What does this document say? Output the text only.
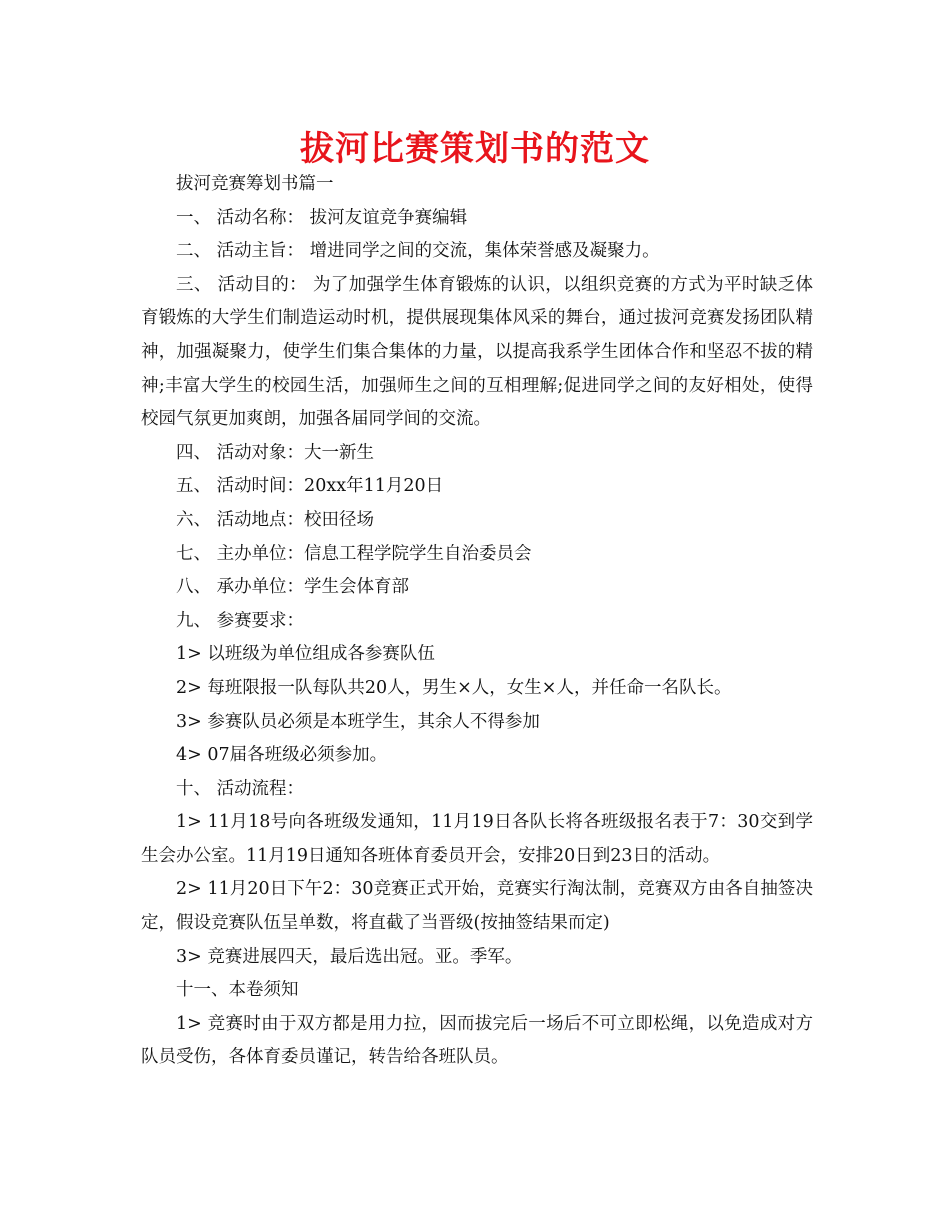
拔河比赛策划书的范文

拔河竞赛筹划书篇一

一、 活动名称： 拔河友谊竞争赛编辑

二、 活动主旨： 增进同学之间的交流，集体荣誉感及凝聚力。

三、 活动目的： 为了加强学生体育锻炼的认识，以组织竞赛的方式为平时缺乏体育锻炼的大学生们制造运动时机，提供展现集体风采的舞台，通过拔河竞赛发扬团队精神，加强凝聚力，使学生们集合集体的力量，以提高我系学生团体合作和坚忍不拔的精神;丰富大学生的校园生活，加强师生之间的互相理解;促进同学之间的友好相处，使得校园气氛更加爽朗，加强各届同学间的交流。

四、 活动对象：大一新生

五、 活动时间：20xx年11月20日

六、 活动地点：校田径场

七、 主办单位：信息工程学院学生自治委员会

八、 承办单位：学生会体育部

九、 参赛要求：

1> 以班级为单位组成各参赛队伍

2> 每班限报一队每队共20人，男生×人，女生×人，并任命一名队长。

3> 参赛队员必须是本班学生，其余人不得参加

4> 07届各班级必须参加。

十、 活动流程：

1> 11月18号向各班级发通知，11月19日各队长将各班级报名表于7：30交到学生会办公室。11月19日通知各班体育委员开会，安排20日到23日的活动。

2> 11月20日下午2：30竞赛正式开始，竞赛实行淘汰制，竞赛双方由各自抽签决定，假设竞赛队伍呈单数，将直截了当晋级(按抽签结果而定)

3> 竞赛进展四天，最后选出冠。亚。季军。

十一、本卷须知

1> 竞赛时由于双方都是用力拉，因而拔完后一场后不可立即松绳，以免造成对方队员受伤，各体育委员谨记，转告给各班队员。
